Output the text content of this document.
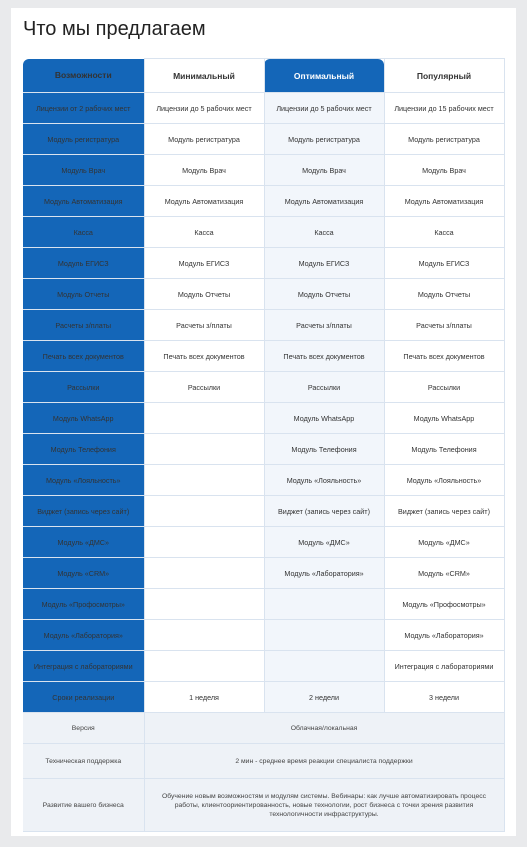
Что мы предлагаем
Возможности	Минимальный	Оптимальный	Популярный
Лицензии от 2 рабочих мест	Лицензии до 5 рабочих мест	Лицензии до 5 рабочих мест	Лицензии до 15 рабочих мест
Модуль регистратура	Модуль регистратура	Модуль регистратура	Модуль регистратура
Модуль Врач	Модуль Врач	Модуль Врач	Модуль Врач
Модуль Автоматизация	Модуль Автоматизация	Модуль Автоматизация	Модуль Автоматизация
Касса	Касса	Касса	Касса
Модуль ЕГИСЗ	Модуль ЕГИСЗ	Модуль ЕГИСЗ	Модуль ЕГИСЗ
Модуль Отчеты	Модуль Отчеты	Модуль Отчеты	Модуль Отчеты
Расчеты з/платы	Расчеты з/платы	Расчеты з/платы	Расчеты з/платы
Печать всех документов	Печать всех документов	Печать всех документов	Печать всех документов
Рассылки	Рассылки	Рассылки	Рассылки
Модуль WhatsApp		Модуль WhatsApp	Модуль WhatsApp
Модуль Телефония		Модуль Телефония	Модуль Телефония
Модуль «Лояльность»		Модуль «Лояльность»	Модуль «Лояльность»
Виджет (запись через сайт)		Виджет (запись через сайт)	Виджет (запись через сайт)
Модуль «ДМС»		Модуль «ДМС»	Модуль «ДМС»
Модуль «CRM»		Модуль «Лаборатория»	Модуль «CRM»
Модуль «Профосмотры»			Модуль «Профосмотры»
Модуль «Лаборатория»			Модуль «Лаборатория»
Интеграция с лабораториями			Интеграция с лабораториями
Сроки реализации	1 неделя	2 недели	3 недели
Версия	Облачная/локальная		
Техническая поддержка	2 мин - среднее время реакции специалиста поддержки		
Развитие вашего бизнеса	Обучение новым возможностям и модулям системы. Вебинары: как лучше автоматизировать процесс работы, клиентоориентированность, новые технологии, рост бизнеса с точки зрения развития технологичности инфраструктуры.		
